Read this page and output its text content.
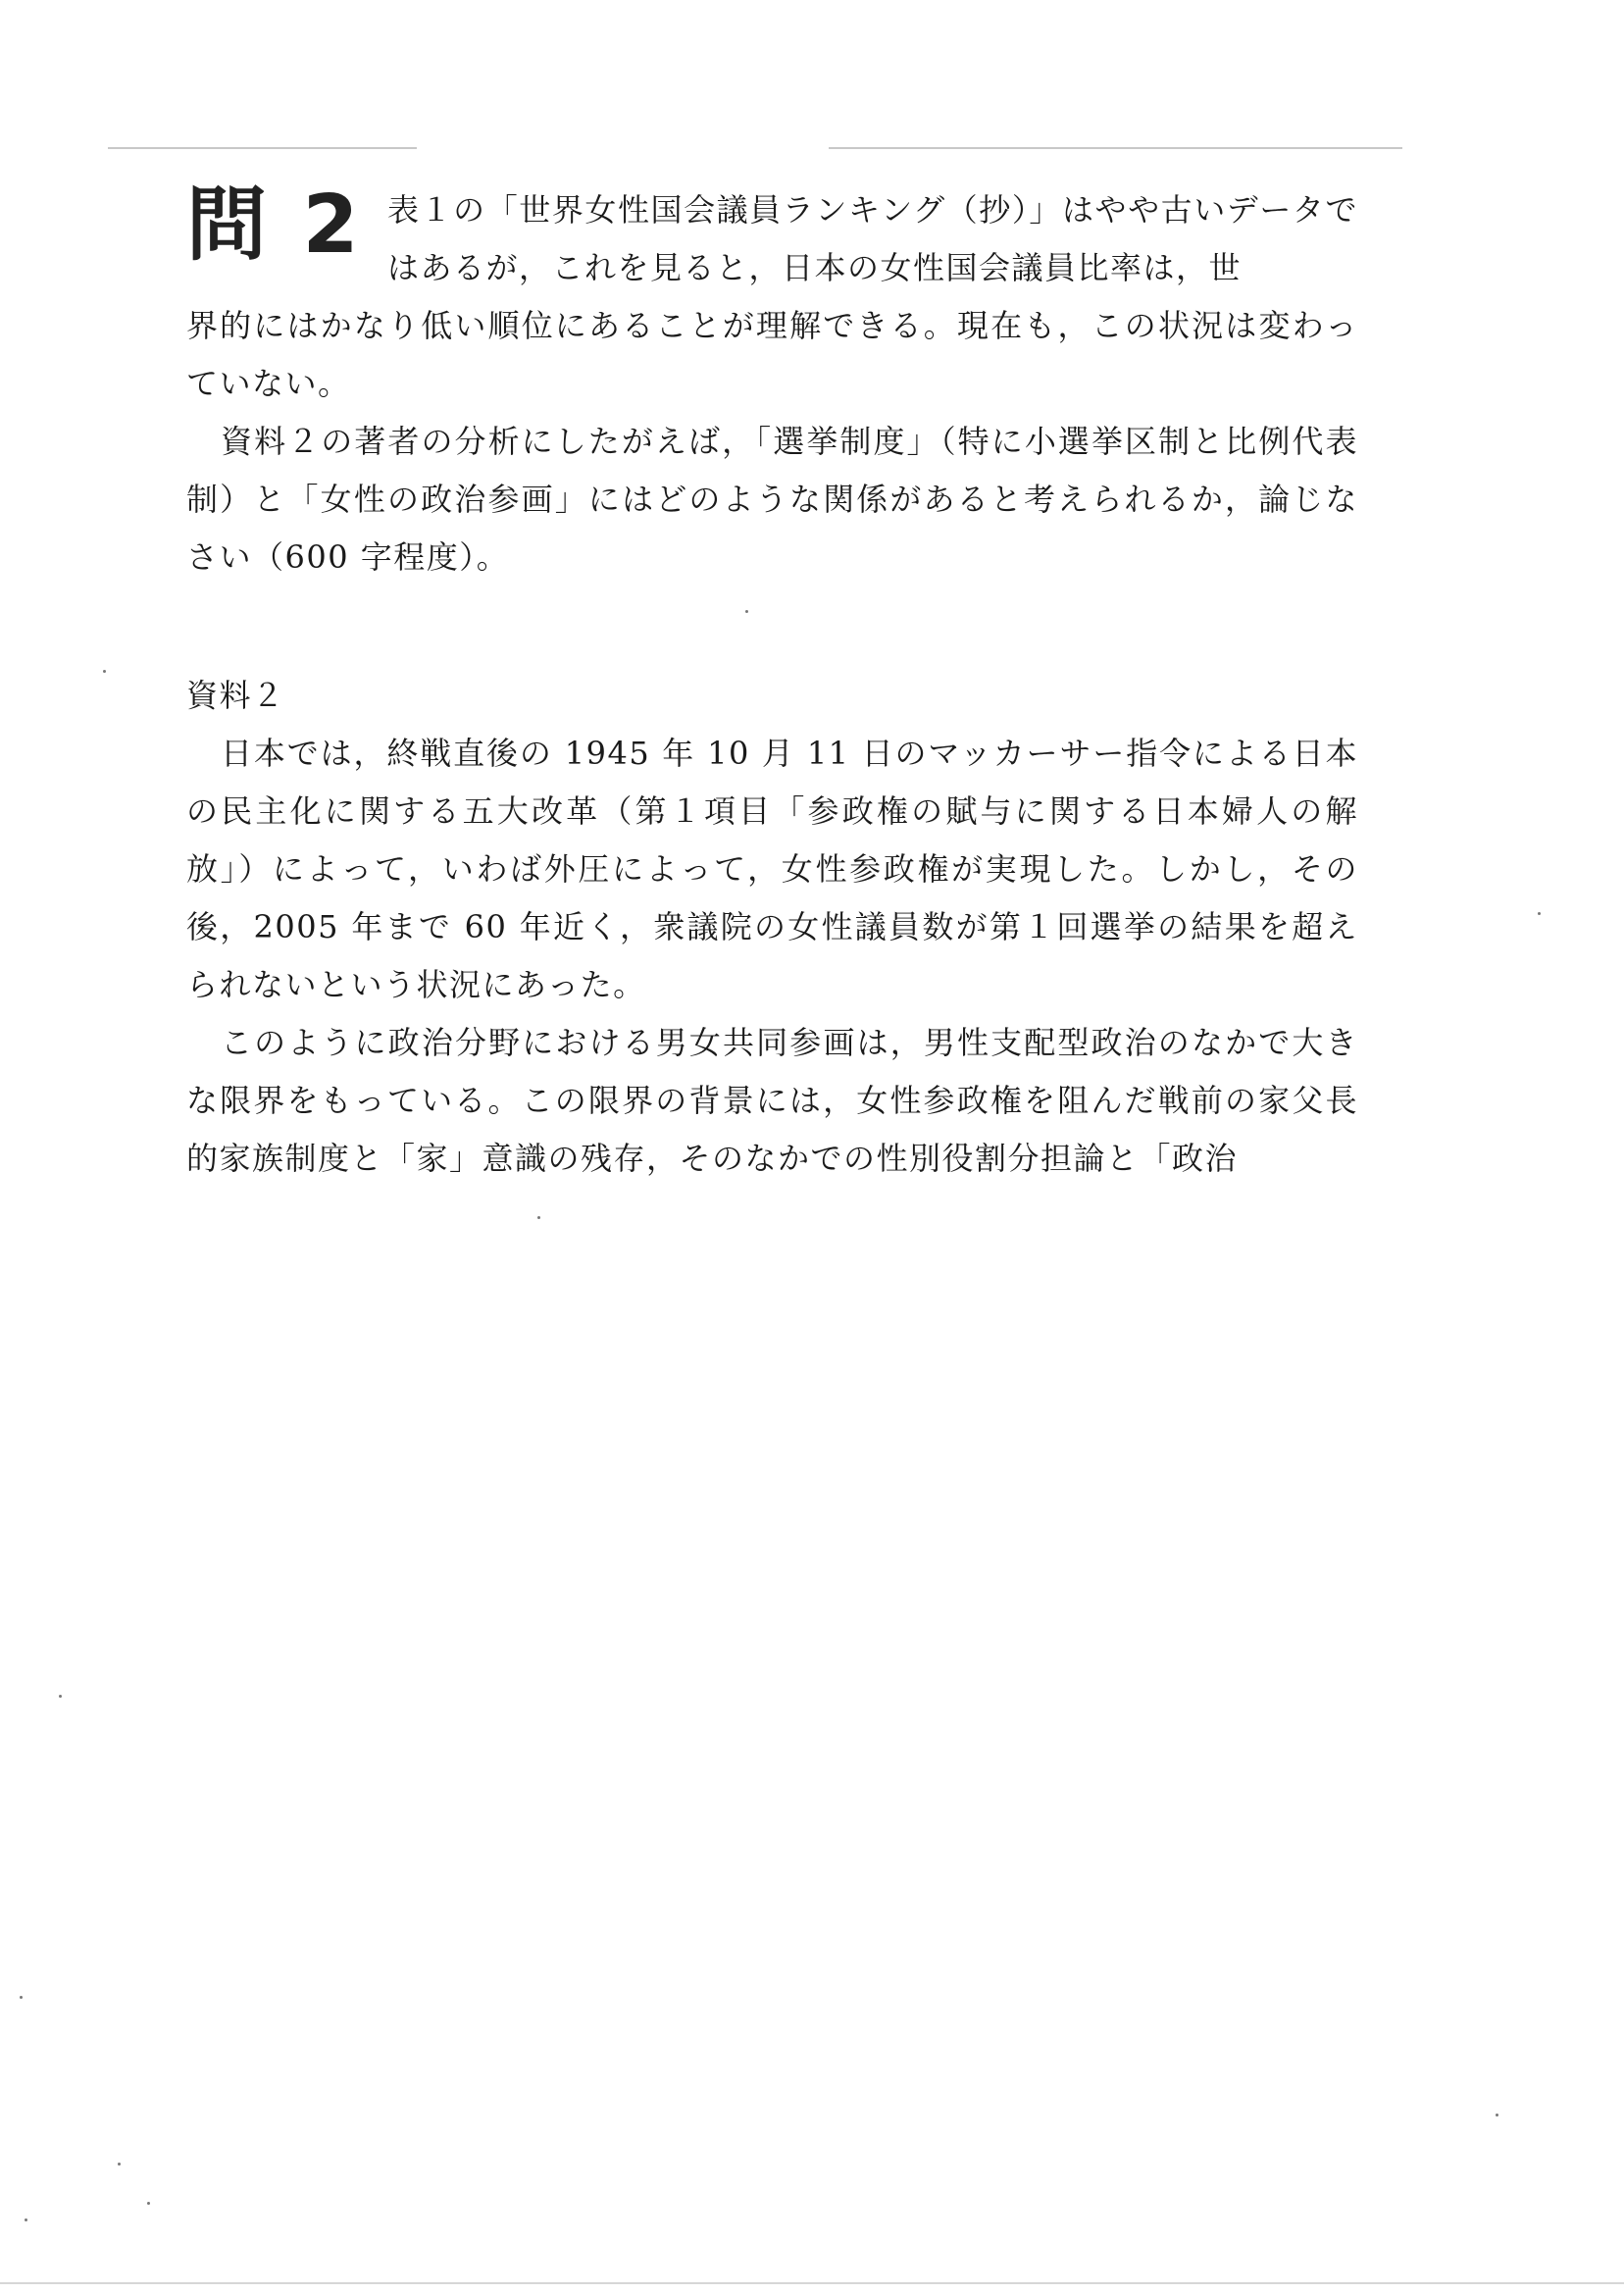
問 2 表１の「世界女性国会議員ランキング（抄）」はやや古いデータではあるが，これを見ると，日本の女性国会議員比率は，世

界的にはかなり低い順位にあることが理解できる。現在も，この状況は変わっていない。

資料２の著者の分析にしたがえば，「選挙制度」（特に小選挙区制と比例代表制）と「女性の政治参画」にはどのような関係があると考えられるか，論じなさい（600 字程度）。

資料２

日本では，終戦直後の 1945 年 10 月 11 日のマッカーサー指令による日本の民主化に関する五大改革（第１項目「参政権の賦与に関する日本婦人の解放」）によって，いわば外圧によって，女性参政権が実現した。しかし，その後，2005 年まで 60 年近く，衆議院の女性議員数が第１回選挙の結果を超えられないという状況にあった。

このように政治分野における男女共同参画は，男性支配型政治のなかで大きな限界をもっている。この限界の背景には，女性参政権を阻んだ戦前の家父長的家族制度と「家」意識の残存，そのなかでの性別役割分担論と「政治
